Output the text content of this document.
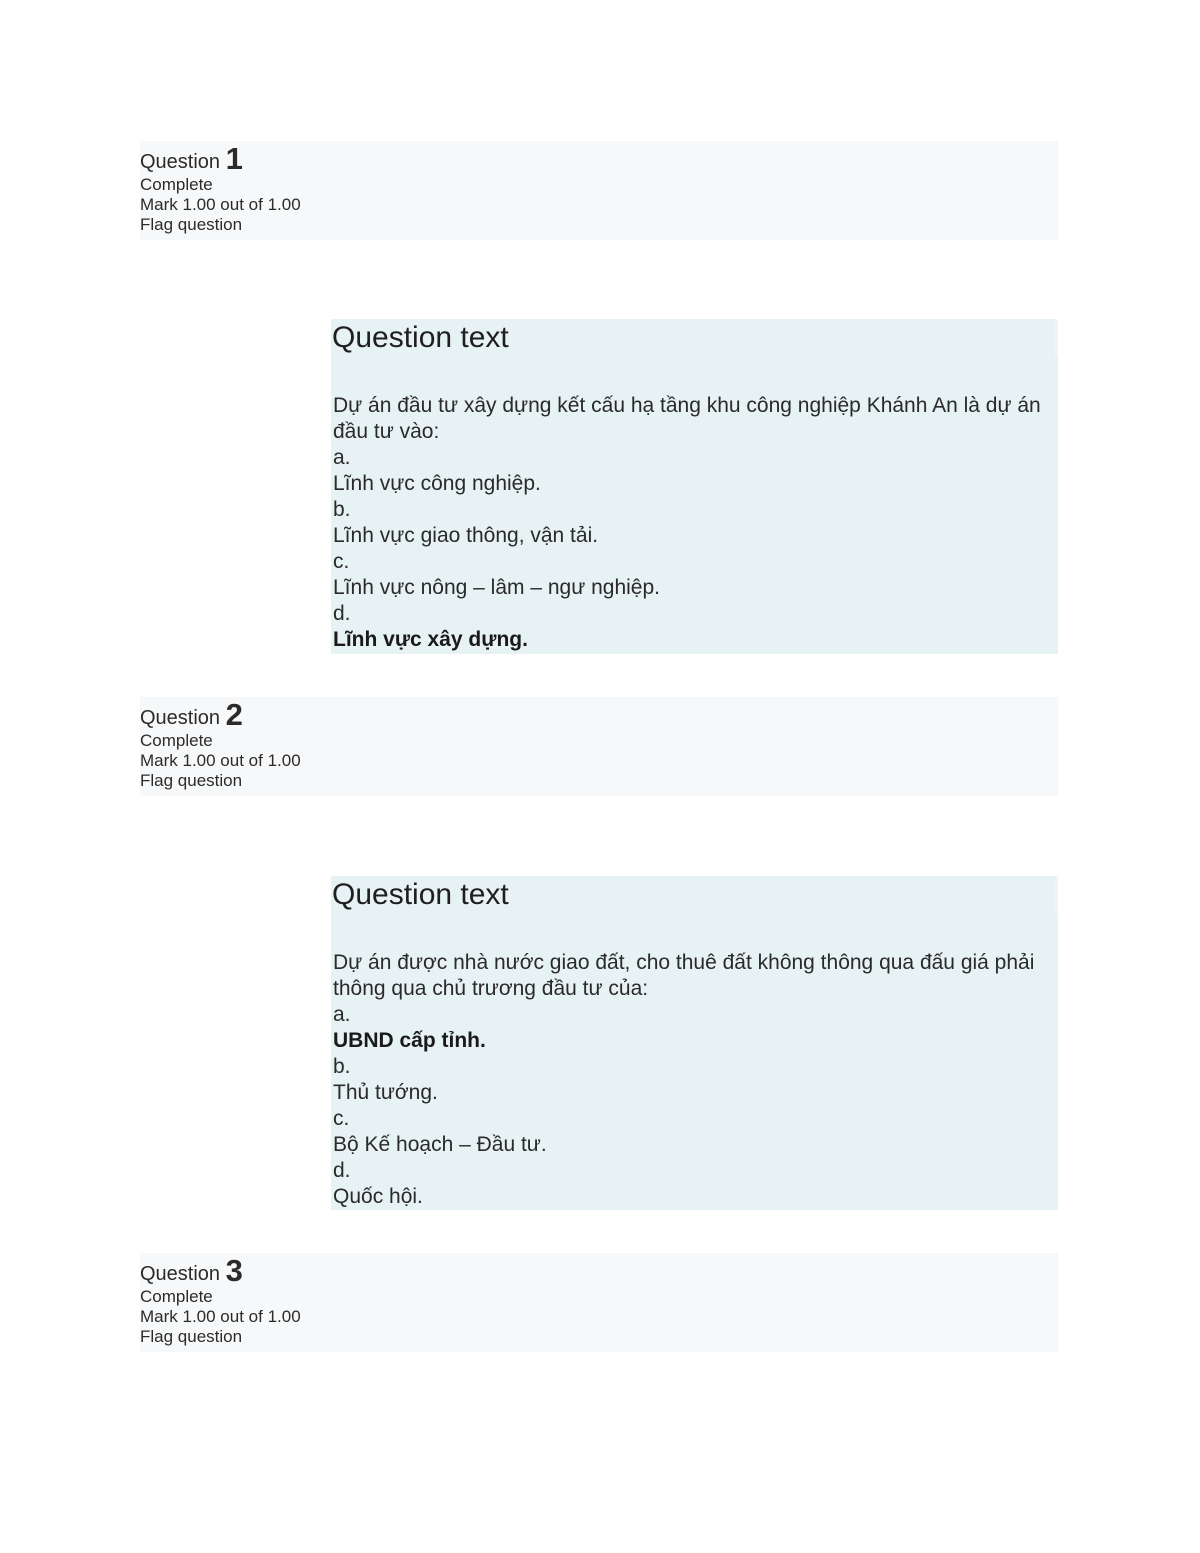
Question 1
Complete
Mark 1.00 out of 1.00
Flag question
Question text
Dự án đầu tư xây dựng kết cấu hạ tầng khu công nghiệp Khánh An là dự án đầu tư vào:
a.
Lĩnh vực công nghiệp.
b.
Lĩnh vực giao thông, vận tải.
c.
Lĩnh vực nông – lâm – ngư nghiệp.
d.
Lĩnh vực xây dựng.
Question 2
Complete
Mark 1.00 out of 1.00
Flag question
Question text
Dự án được nhà nước giao đất, cho thuê đất không thông qua đấu giá phải thông qua chủ trương đầu tư của:
a.
UBND cấp tỉnh.
b.
Thủ tướng.
c.
Bộ Kế hoạch – Đầu tư.
d.
Quốc hội.
Question 3
Complete
Mark 1.00 out of 1.00
Flag question
